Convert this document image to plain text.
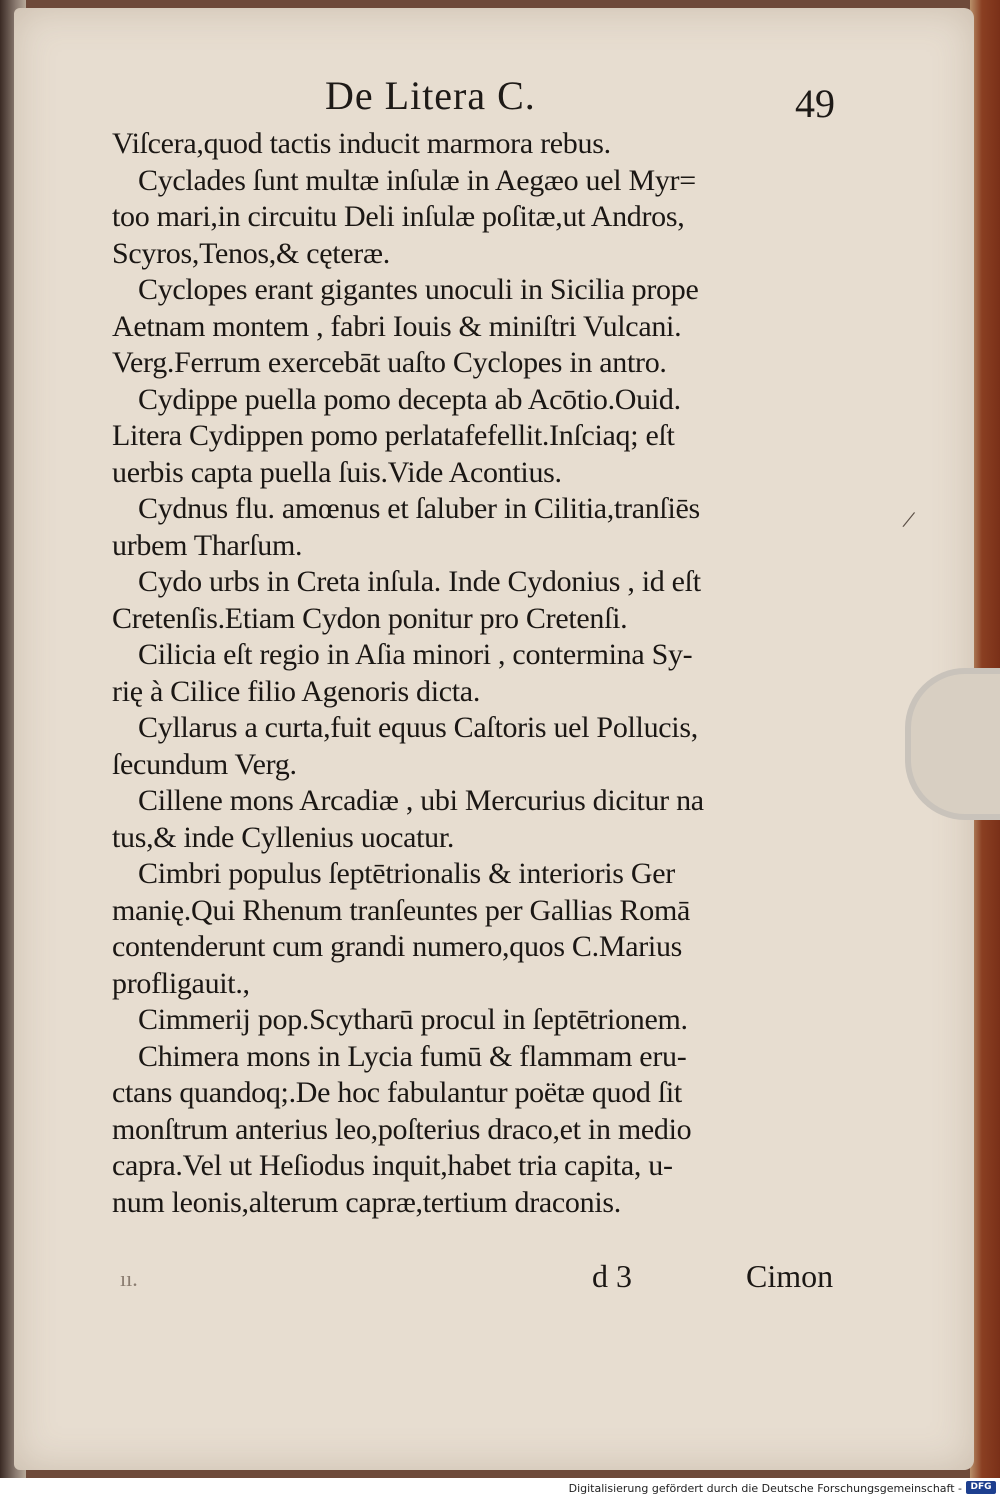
De Litera C.	49
Viſcera,quod tactis inducit marmora rebus.
Cyclades ſunt multæ inſulæ in Aegæo uel Myr=
too mari,in circuitu Deli inſulæ poſitæ,ut Andros,
Scyros,Tenos,& cęteræ.
Cyclopes erant gigantes unoculi in Sicilia prope
Aetnam montem , fabri Iouis & miniſtri Vulcani.
Verg.Ferrum exercebāt uaſto Cyclopes in antro.
Cydippe puella pomo decepta ab Acōtio.Ouid.
Litera Cydippen pomo perlatafefellit.Inſciaq; eſt
uerbis capta puella ſuis.Vide Acontius.
Cydnus flu. amœnus et ſaluber in Cilitia,tranſiēs
urbem Tharſum.
Cydo urbs in Creta inſula. Inde Cydonius , id eſt
Cretenſis.Etiam Cydon ponitur pro Cretenſi.
Cilicia eſt regio in Aſia minori , contermina Sy-
rię à Cilice filio Agenoris dicta.
Cyllarus a curta,fuit equus Caſtoris uel Pollucis,
ſecundum Verg.
Cillene mons Arcadiæ , ubi Mercurius dicitur na
tus,& inde Cyllenius uocatur.
Cimbri populus ſeptētrionalis & interioris Ger
manię.Qui Rhenum tranſeuntes per Gallias Romā
contenderunt cum grandi numero,quos C.Marius
profligauit.,
Cimmerij pop.Scytharū procul in ſeptētrionem.
Chimera mons in Lycia fumū & flammam eru-
ctans quandoq;.De hoc fabulantur poëtæ quod ſit
monſtrum anterius leo,poſterius draco,et in medio
capra.Vel ut Heſiodus inquit,habet tria capita, u-
num leonis,alterum capræ,tertium draconis.
/
ıı.	d 3	Cimon
Digitalisierung gefördert durch die Deutsche Forschungsgemeinschaft - DFG
